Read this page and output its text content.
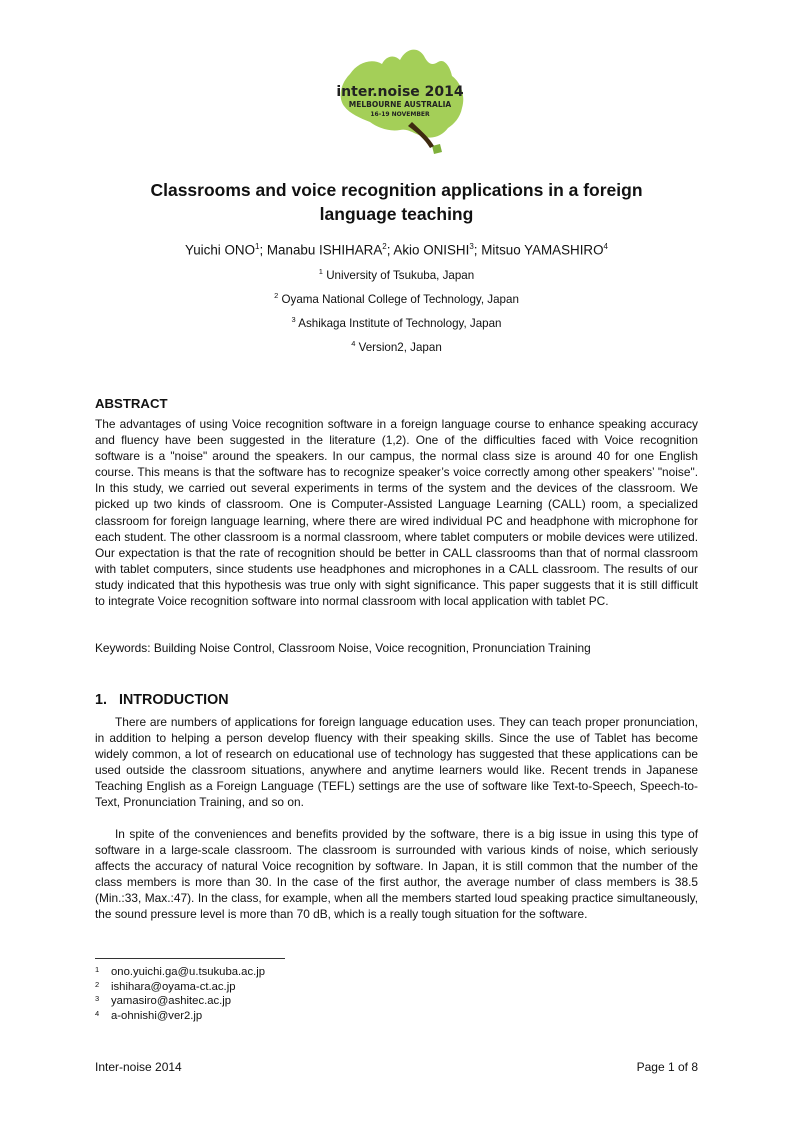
inter.noise 2014
MELBOURNE AUSTRALIA
16-19 NOVEMBER
Classrooms and voice recognition applications in a foreign
language teaching
Yuichi ONO$^1$; Manabu ISHIHARA$^2$; Akio ONISHI$^3$; Mitsuo YAMASHIRO$^4$
$^1$ University of Tsukuba, Japan
$^2$ Oyama National College of Technology, Japan
$^3$ Ashikaga Institute of Technology, Japan
$^4$ Version2, Japan
ABSTRACT

The advantages of using Voice recognition software in a foreign language course to enhance speaking accuracy and fluency have been suggested in the literature (1,2). One of the difficulties faced with Voice recognition software is a "noise" around the speakers. In our campus, the normal class size is around 40 for one English course. This means is that the software has to recognize speaker’s voice correctly among other speakers’ "noise". In this study, we carried out several experiments in terms of the system and the devices of the classroom. We picked up two kinds of classroom. One is Computer-Assisted Language Learning (CALL) room, a specialized classroom for foreign language learning, where there are wired individual PC and headphone with microphone for each student. The other classroom is a normal classroom, where tablet computers or mobile devices were utilized. Our expectation is that the rate of recognition should be better in CALL classrooms than that of normal classroom with tablet computers, since students use headphones and microphones in a CALL classroom. The results of our study indicated that this hypothesis was true only with sight significance. This paper suggests that it is still difficult to integrate Voice recognition software into normal classroom with local application with tablet PC.

Keywords: Building Noise Control, Classroom Noise, Voice recognition, Pronunciation Training
1. INTRODUCTION

There are numbers of applications for foreign language education uses. They can teach proper pronunciation, in addition to helping a person develop fluency with their speaking skills. Since the use of Tablet has become widely common, a lot of research on educational use of technology has suggested that these applications can be used outside the classroom situations, anywhere and anytime learners would like. Recent trends in Japanese Teaching English as a Foreign Language (TEFL) settings are the use of software like Text-to-Speech, Speech-to-Text, Pronunciation Training, and so on.

In spite of the conveniences and benefits provided by the software, there is a big issue in using this type of software in a large-scale classroom. The classroom is surrounded with various kinds of noise, which seriously affects the accuracy of natural Voice recognition by software. In Japan, it is still common that the number of the class members is more than 30. In the case of the first author, the average number of class members is 38.5 (Min.:33, Max.:47). In the class, for example, when all the members started loud speaking practice simultaneously, the sound pressure level is more than 70 dB, which is a really tough situation for the software.

1	ono.yuichi.ga@u.tsukuba.ac.jp
2	ishihara@oyama-ct.ac.jp
3	yamasiro@ashitec.ac.jp
4	a-ohnishi@ver2.jp
Inter-noise 2014	Page 1 of 8
